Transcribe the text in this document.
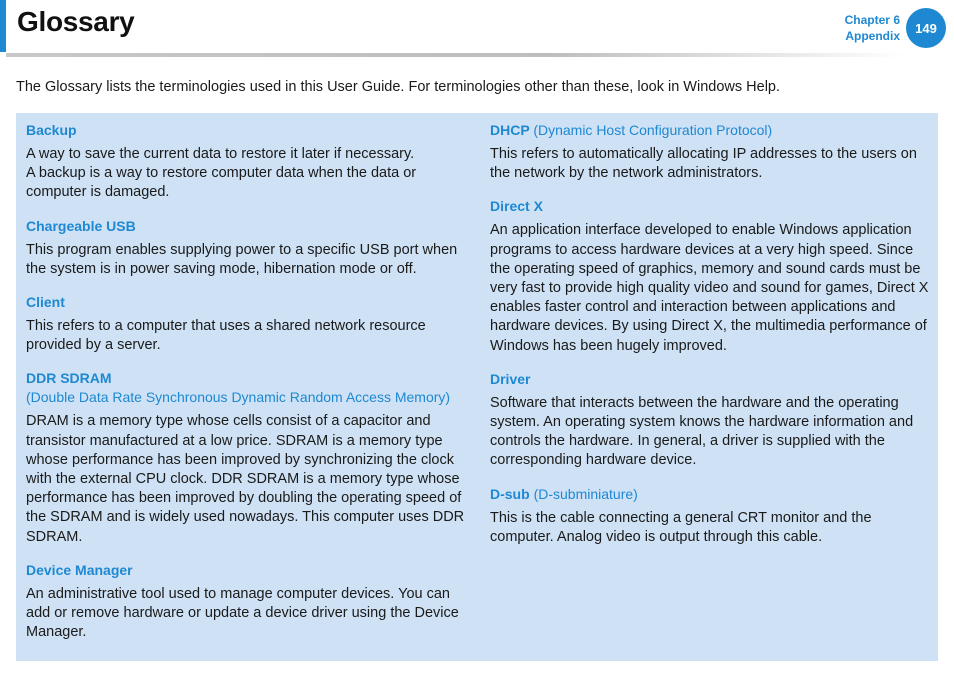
Glossary	Chapter 6
Appendix
149
The Glossary lists the terminologies used in this User Guide. For terminologies other than these, look in Windows Help.
Backup
A way to save the current data to restore it later if necessary.
A backup is a way to restore computer data when the data or computer is damaged.
Chargeable USB
This program enables supplying power to a specific USB port when the system is in power saving mode, hibernation mode or off.
Client
This refers to a computer that uses a shared network resource provided by a server.
DDR SDRAM
(Double Data Rate Synchronous Dynamic Random Access Memory)
DRAM is a memory type whose cells consist of a capacitor and transistor manufactured at a low price. SDRAM is a memory type whose performance has been improved by synchronizing the clock with the external CPU clock. DDR SDRAM is a memory type whose performance has been improved by doubling the operating speed of the SDRAM and is widely used nowadays. This computer uses DDR SDRAM.
Device Manager
An administrative tool used to manage computer devices. You can add or remove hardware or update a device driver using the Device Manager.
DHCP (Dynamic Host Configuration Protocol)
This refers to automatically allocating IP addresses to the users on the network by the network administrators.
Direct X
An application interface developed to enable Windows application programs to access hardware devices at a very high speed. Since the operating speed of graphics, memory and sound cards must be very fast to provide high quality video and sound for games, Direct X enables faster control and interaction between applications and hardware devices. By using Direct X, the multimedia performance of Windows has been hugely improved.
Driver
Software that interacts between the hardware and the operating system. An operating system knows the hardware information and controls the hardware. In general, a driver is supplied with the corresponding hardware device.
D-sub (D-subminiature)
This is the cable connecting a general CRT monitor and the computer. Analog video is output through this cable.
